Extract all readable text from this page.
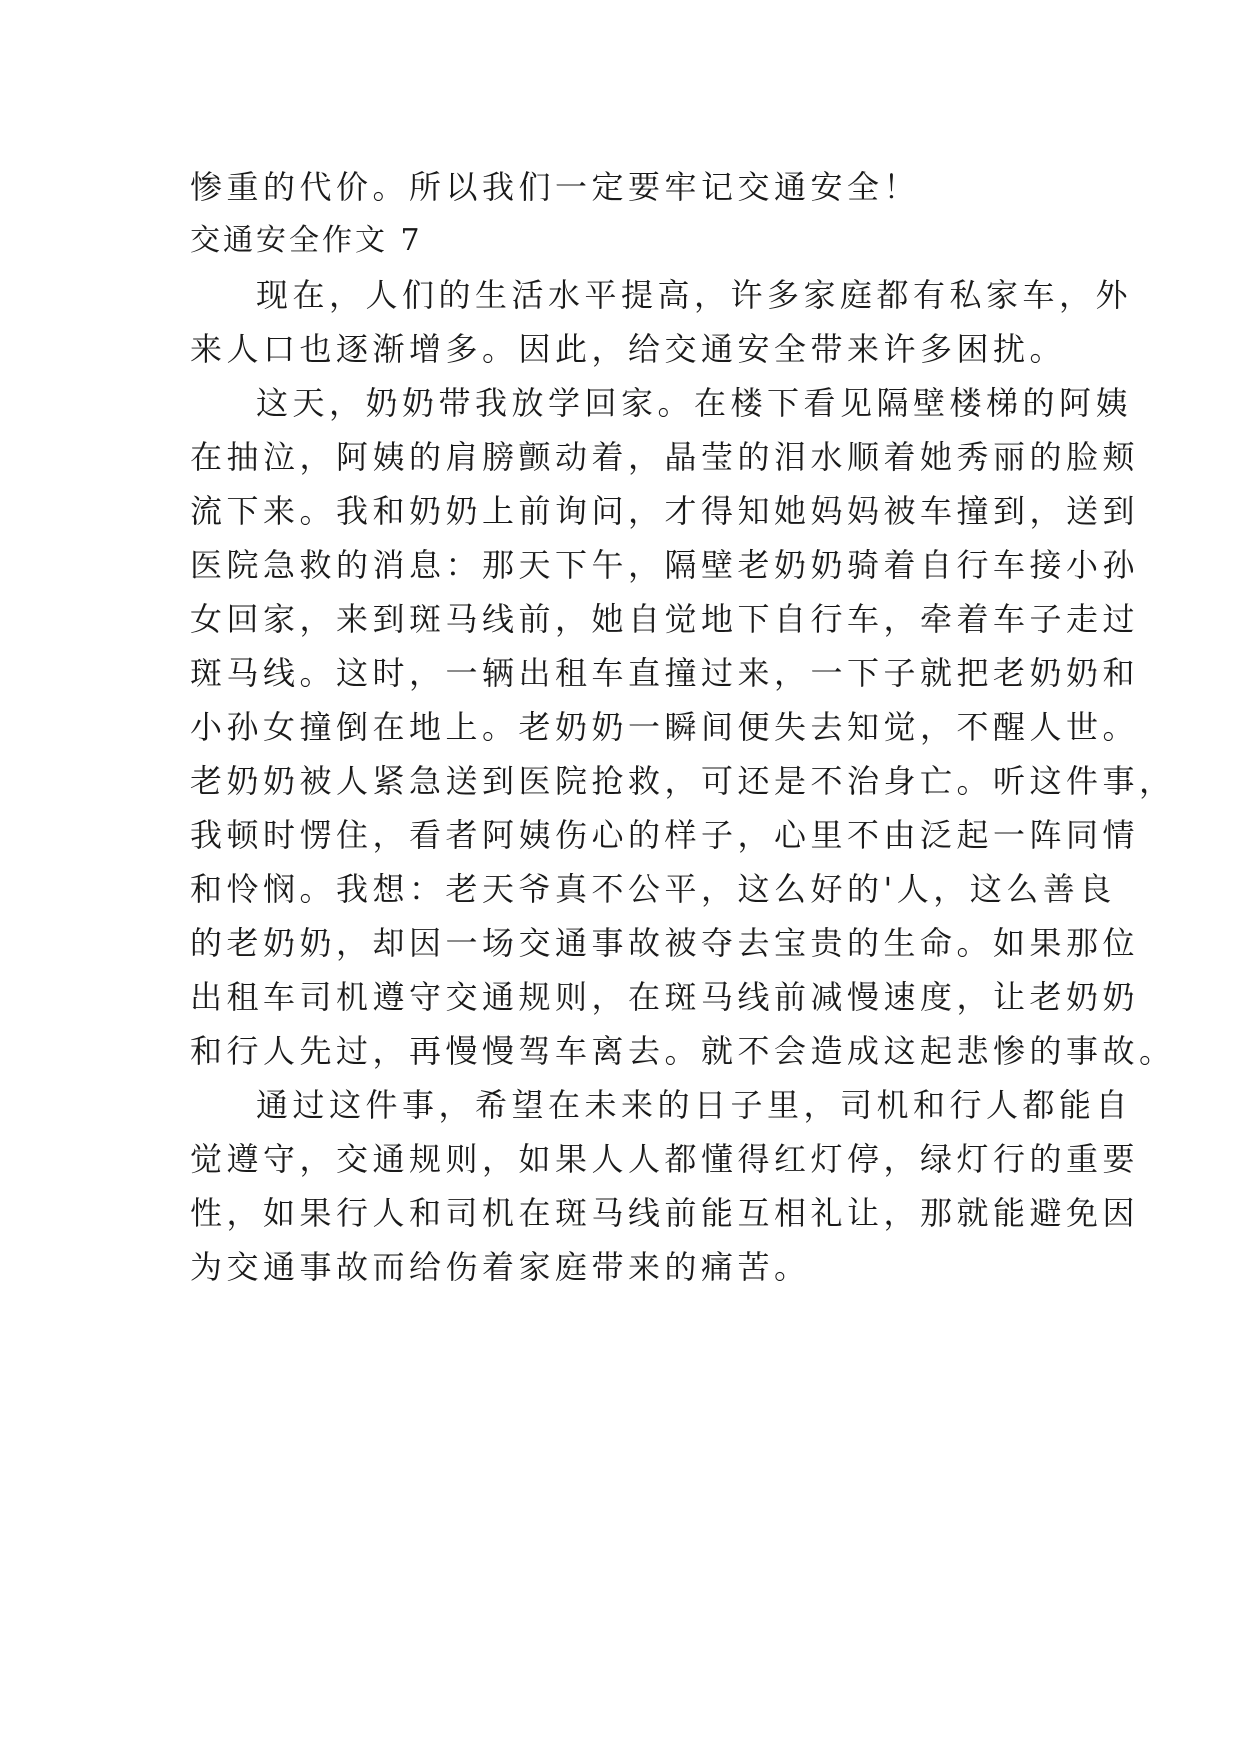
惨重的代价。所以我们一定要牢记交通安全！
交通安全作文 7
现在，人们的生活水平提高，许多家庭都有私家车，外
来人口也逐渐增多。因此，给交通安全带来许多困扰。
这天，奶奶带我放学回家。在楼下看见隔壁楼梯的阿姨
在抽泣，阿姨的肩膀颤动着，晶莹的泪水顺着她秀丽的脸颊
流下来。我和奶奶上前询问，才得知她妈妈被车撞到，送到
医院急救的消息：那天下午，隔壁老奶奶骑着自行车接小孙
女回家，来到斑马线前，她自觉地下自行车，牵着车子走过
斑马线。这时，一辆出租车直撞过来，一下子就把老奶奶和
小孙女撞倒在地上。老奶奶一瞬间便失去知觉，不醒人世。
老奶奶被人紧急送到医院抢救，可还是不治身亡。听这件事，
我顿时愣住，看者阿姨伤心的样子，心里不由泛起一阵同情
和怜悯。我想：老天爷真不公平，这么好的'人，这么善良
的老奶奶，却因一场交通事故被夺去宝贵的生命。如果那位
出租车司机遵守交通规则，在斑马线前减慢速度，让老奶奶
和行人先过，再慢慢驾车离去。就不会造成这起悲惨的事故。
通过这件事，希望在未来的日子里，司机和行人都能自
觉遵守，交通规则，如果人人都懂得红灯停，绿灯行的重要
性，如果行人和司机在斑马线前能互相礼让，那就能避免因
为交通事故而给伤着家庭带来的痛苦。
